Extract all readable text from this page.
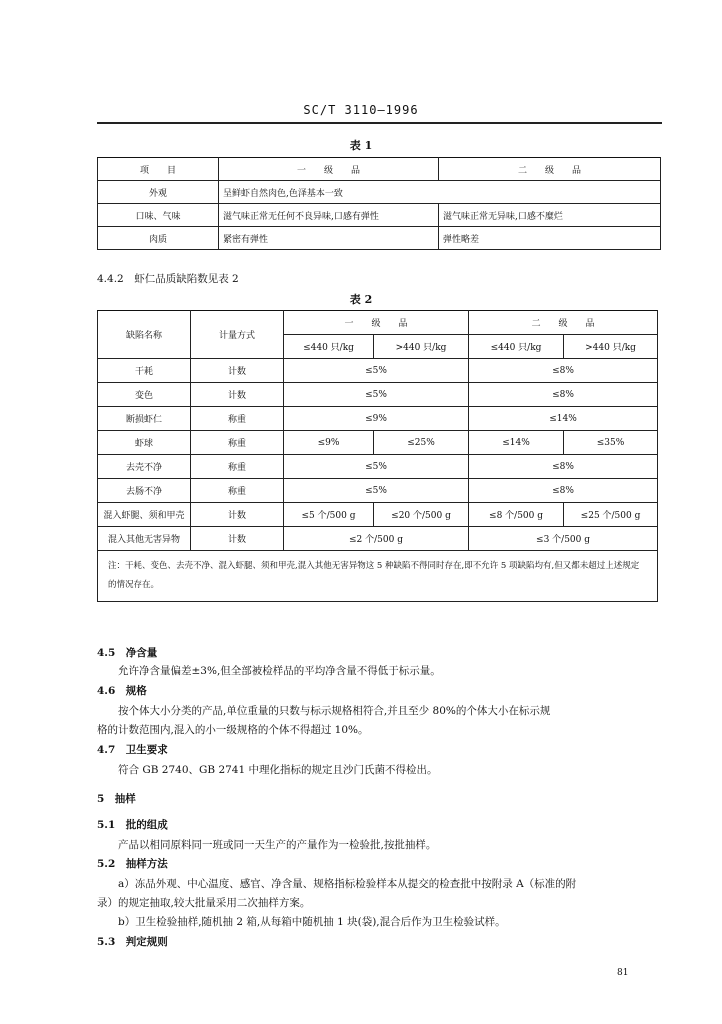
SC/T 3110—1996
表 1
项　　目	一　　级　　品	二　　级　　品
外观	呈鲜虾自然肉色,色泽基本一致	
口味、气味	滋气味正常无任何不良异味,口感有弹性	滋气味正常无异味,口感不糜烂
肉质	紧密有弹性	弹性略差
4.4.2　虾仁品质缺陷数见表 2
表 2
缺陷名称	计量方式	一　　级　　品		二　　级　　品	
		≤440 只/kg	>440 只/kg	≤440 只/kg	>440 只/kg
干耗	计数	≤5%		≤8%	
变色	计数	≤5%		≤8%	
断损虾仁	称重	≤9%		≤14%	
虾球	称重	≤9%	≤25%	≤14%	≤35%
去壳不净	称重	≤5%		≤8%	
去肠不净	称重	≤5%		≤8%	
混入虾腿、须和甲壳	计数	≤5 个/500 g	≤20 个/500 g	≤8 个/500 g	≤25 个/500 g
混入其他无害异物	计数	≤2 个/500 g		≤3 个/500 g	
注：干耗、变色、去壳不净、混入虾腿、须和甲壳,混入其他无害异物这 5 种缺陷不得同时存在,即不允许 5 项缺陷均有,但又都未超过上述规定的情况存在。					
4.5　净含量
允许净含量偏差±3%,但全部被检样品的平均净含量不得低于标示量。
4.6　规格
按个体大小分类的产品,单位重量的只数与标示规格相符合,并且至少 80%的个体大小在标示规
格的计数范围内,混入的小一级规格的个体不得超过 10%。
4.7　卫生要求
符合 GB 2740、GB 2741 中理化指标的规定且沙门氏菌不得检出。
5　抽样
5.1　批的组成
产品以相同原料同一班或同一天生产的产量作为一检验批,按批抽样。
5.2　抽样方法
a）冻品外观、中心温度、感官、净含量、规格指标检验样本从提交的检查批中按附录 A（标准的附
录）的规定抽取,较大批量采用二次抽样方案。
b）卫生检验抽样,随机抽 2 箱,从每箱中随机抽 1 块(袋),混合后作为卫生检验试样。
5.3　判定规则
81
